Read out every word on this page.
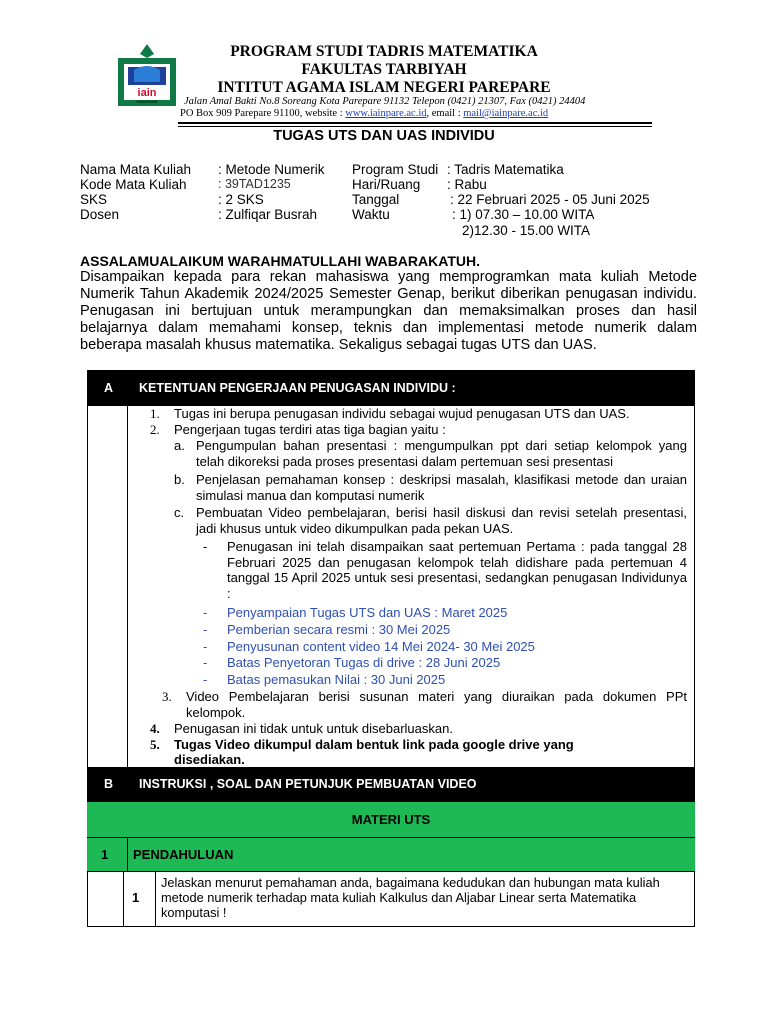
iain
PAREPARE
PROGRAM STUDI TADRIS MATEMATIKA
FAKULTAS TARBIYAH
INTITUT AGAMA ISLAM NEGERI PAREPARE
Jalan Amal Bakti No.8 Soreang Kota Parepare 91132 Telepon (0421) 21307, Fax (0421) 24404
PO Box 909 Parepare 91100, website : www.iainpare.ac.id, email : mail@iainpare.ac.id
TUGAS UTS DAN UAS INDIVIDU
Nama Mata Kuliah : Metode Numerik
Kode Mata Kuliah	: 39TAD1235
SKS	: 2 SKS
Dosen	: Zulfiqar Busrah
Program Studi : Tadris Matematika
Hari/Ruang : Rabu
Tanggal	: 22 Februari 2025 - 05 Juni 2025
Waktu	: 1) 07.30 – 10.00 WITA
2)12.30 - 15.00 WITA
ASSALAMUALAIKUM WARAHMATULLAHI WABARAKATUH.
Disampaikan kepada para rekan mahasiswa yang memprogramkan mata kuliah Metode Numerik Tahun Akademik 2024/2025 Semester Genap, berikut diberikan penugasan individu. Penugasan ini bertujuan untuk merampungkan dan memaksimalkan proses dan hasil belajarnya dalam memahami konsep, teknis dan implementasi metode numerik dalam beberapa masalah khusus matematika. Sekaligus sebagai tugas UTS dan UAS.
A KETENTUAN PENGERJAAN PENUGASAN INDIVIDU :
1. Tugas ini berupa penugasan individu sebagai wujud penugasan UTS dan UAS.
2. Pengerjaan tugas terdiri atas tiga bagian yaitu :
a. Pengumpulan bahan presentasi : mengumpulkan ppt dari setiap kelompok yang telah dikoreksi pada proses presentasi dalam pertemuan sesi presentasi
b. Penjelasan pemahaman konsep : deskripsi masalah, klasifikasi metode dan uraian simulasi manua dan komputasi numerik
c. Pembuatan Video pembelajaran, berisi hasil diskusi dan revisi setelah presentasi, jadi khusus untuk video dikumpulkan pada pekan UAS.
- Penugasan ini telah disampaikan saat pertemuan Pertama : pada tanggal 28 Februari 2025 dan penugasan kelompok telah didishare pada pertemuan 4 tanggal 15 April 2025 untuk sesi presentasi, sedangkan penugasan Individunya :
- Penyampaian Tugas UTS dan UAS : Maret 2025
- Pemberian secara resmi : 30 Mei 2025
- Penyusunan content video 14 Mei 2024- 30 Mei 2025
- Batas Penyetoran Tugas di drive : 28 Juni 2025
- Batas pemasukan Nilai : 30 Juni 2025
3. Video Pembelajaran berisi susunan materi yang diuraikan pada dokumen PPt kelompok.
4. Penugasan ini tidak untuk untuk disebarluaskan.
5. Tugas Video dikumpul dalam bentuk link pada google drive yang disediakan.
B INSTRUKSI , SOAL DAN PETUNJUK PEMBUATAN VIDEO
MATERI UTS
1 PENDAHULUAN
1
Jelaskan menurut pemahaman anda, bagaimana kedudukan dan hubungan mata kuliah metode numerik terhadap mata kuliah Kalkulus dan Aljabar Linear serta Matematika komputasi !
